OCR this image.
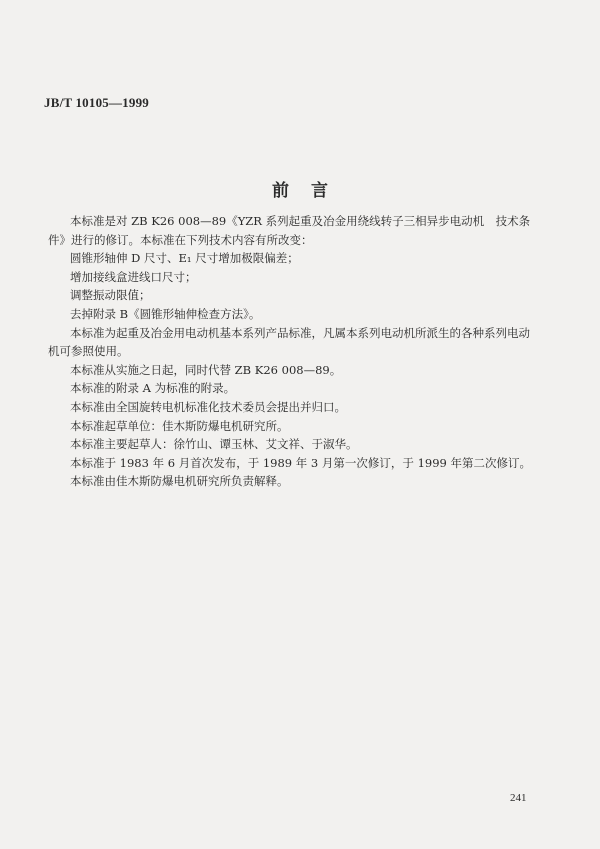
JB/T 10105—1999
前言

本标准是对 ZB K26 008—89《YZR 系列起重及冶金用绕线转子三相异步电动机　技术条件》进行的修订。本标准在下列技术内容有所改变：

圆锥形轴伸 D 尺寸、E₁ 尺寸增加极限偏差；

增加接线盒进线口尺寸；

调整振动限值；

去掉附录 B《圆锥形轴伸检查方法》。

本标准为起重及冶金用电动机基本系列产品标准，凡属本系列电动机所派生的各种系列电动机可参照使用。

本标准从实施之日起，同时代替 ZB K26 008—89。

本标准的附录 A 为标准的附录。

本标准由全国旋转电机标准化技术委员会提出并归口。

本标准起草单位：佳木斯防爆电机研究所。

本标准主要起草人：徐竹山、谭玉林、艾文祥、于淑华。

本标准于 1983 年 6 月首次发布，于 1989 年 3 月第一次修订，于 1999 年第二次修订。

本标准由佳木斯防爆电机研究所负责解释。

241
